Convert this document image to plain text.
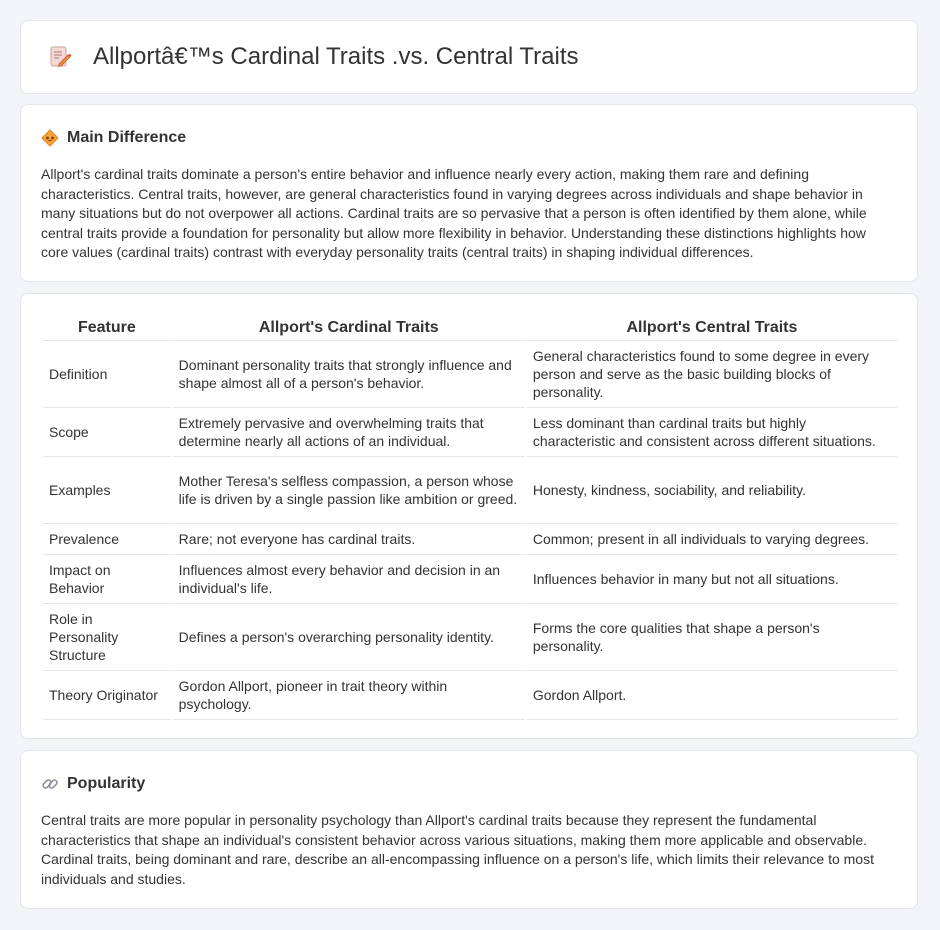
Allportâ€™s Cardinal Traits .vs. Central Traits
Main Difference

Allport's cardinal traits dominate a person's entire behavior and influence nearly every action, making them rare and defining characteristics. Central traits, however, are general characteristics found in varying degrees across individuals and shape behavior in many situations but do not overpower all actions. Cardinal traits are so pervasive that a person is often identified by them alone, while central traits provide a foundation for personality but allow more flexibility in behavior. Understanding these distinctions highlights how core values (cardinal traits) contrast with everyday personality traits (central traits) in shaping individual differences.

Feature	Allport's Cardinal Traits	Allport's Central Traits
Definition	Dominant personality traits that strongly influence and shape almost all of a person's behavior.	General characteristics found to some degree in every person and serve as the basic building blocks of personality.
Scope	Extremely pervasive and overwhelming traits that determine nearly all actions of an individual.	Less dominant than cardinal traits but highly characteristic and consistent across different situations.
Examples	Mother Teresa's selfless compassion, a person whose life is driven by a single passion like ambition or greed.	Honesty, kindness, sociability, and reliability.
Prevalence	Rare; not everyone has cardinal traits.	Common; present in all individuals to varying degrees.
Impact on Behavior	Influences almost every behavior and decision in an individual's life.	Influences behavior in many but not all situations.
Role in Personality Structure	Defines a person's overarching personality identity.	Forms the core qualities that shape a person's personality.
Theory Originator	Gordon Allport, pioneer in trait theory within psychology.	Gordon Allport.
Popularity

Central traits are more popular in personality psychology than Allport's cardinal traits because they represent the fundamental characteristics that shape an individual's consistent behavior across various situations, making them more applicable and observable. Cardinal traits, being dominant and rare, describe an all-encompassing influence on a person's life, which limits their relevance to most individuals and studies.
